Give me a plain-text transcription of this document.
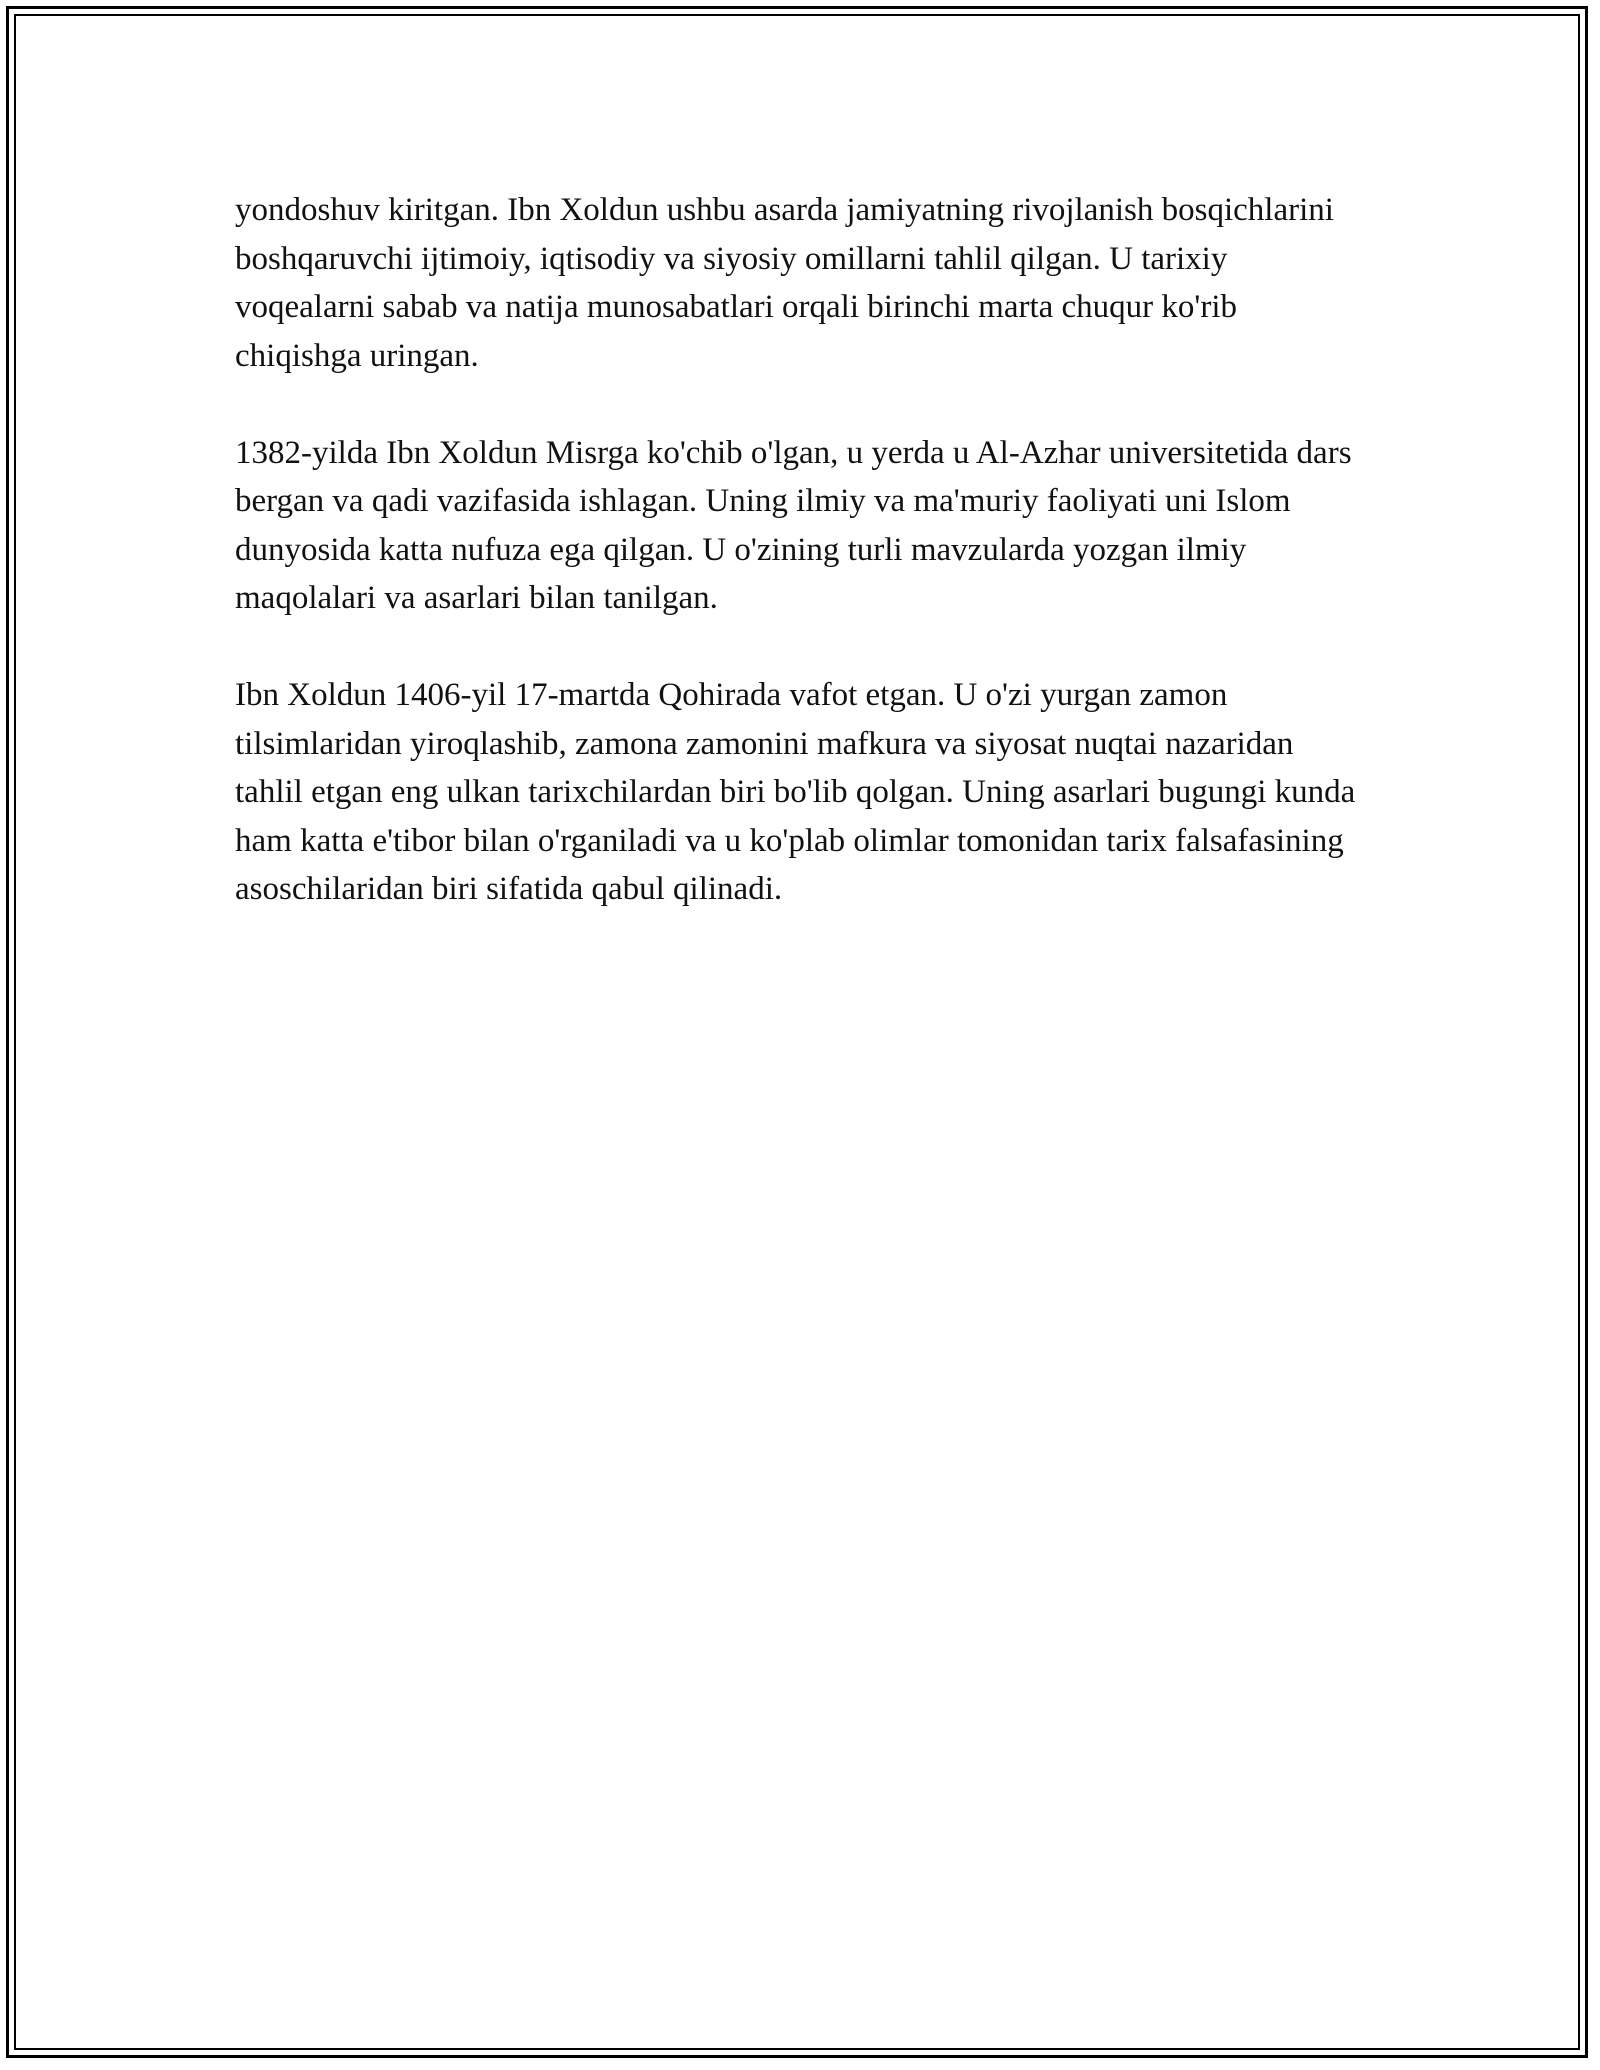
yondoshuv kiritgan. Ibn Xoldun ushbu asarda jamiyatning rivojlanish bosqichlarini boshqaruvchi ijtimoiy, iqtisodiy va siyosiy omillarni tahlil qilgan. U tarixiy voqealarni sabab va natija munosabatlari orqali birinchi marta chuqur ko'rib chiqishga uringan.

1382-yilda Ibn Xoldun Misrga ko'chib o'lgan, u yerda u Al-Azhar universitetida dars bergan va qadi vazifasida ishlagan. Uning ilmiy va ma'muriy faoliyati uni Islom dunyosida katta nufuza ega qilgan. U o'zining turli mavzularda yozgan ilmiy maqolalari va asarlari bilan tanilgan.

Ibn Xoldun 1406-yil 17-martda Qohirada vafot etgan. U o'zi yurgan zamon tilsimlaridan yiroqlashib, zamona zamonini mafkura va siyosat nuqtai nazaridan tahlil etgan eng ulkan tarixchilardan biri bo'lib qolgan. Uning asarlari bugungi kunda ham katta e'tibor bilan o'rganiladi va u ko'plab olimlar tomonidan tarix falsafasining asoschilaridan biri sifatida qabul qilinadi.
